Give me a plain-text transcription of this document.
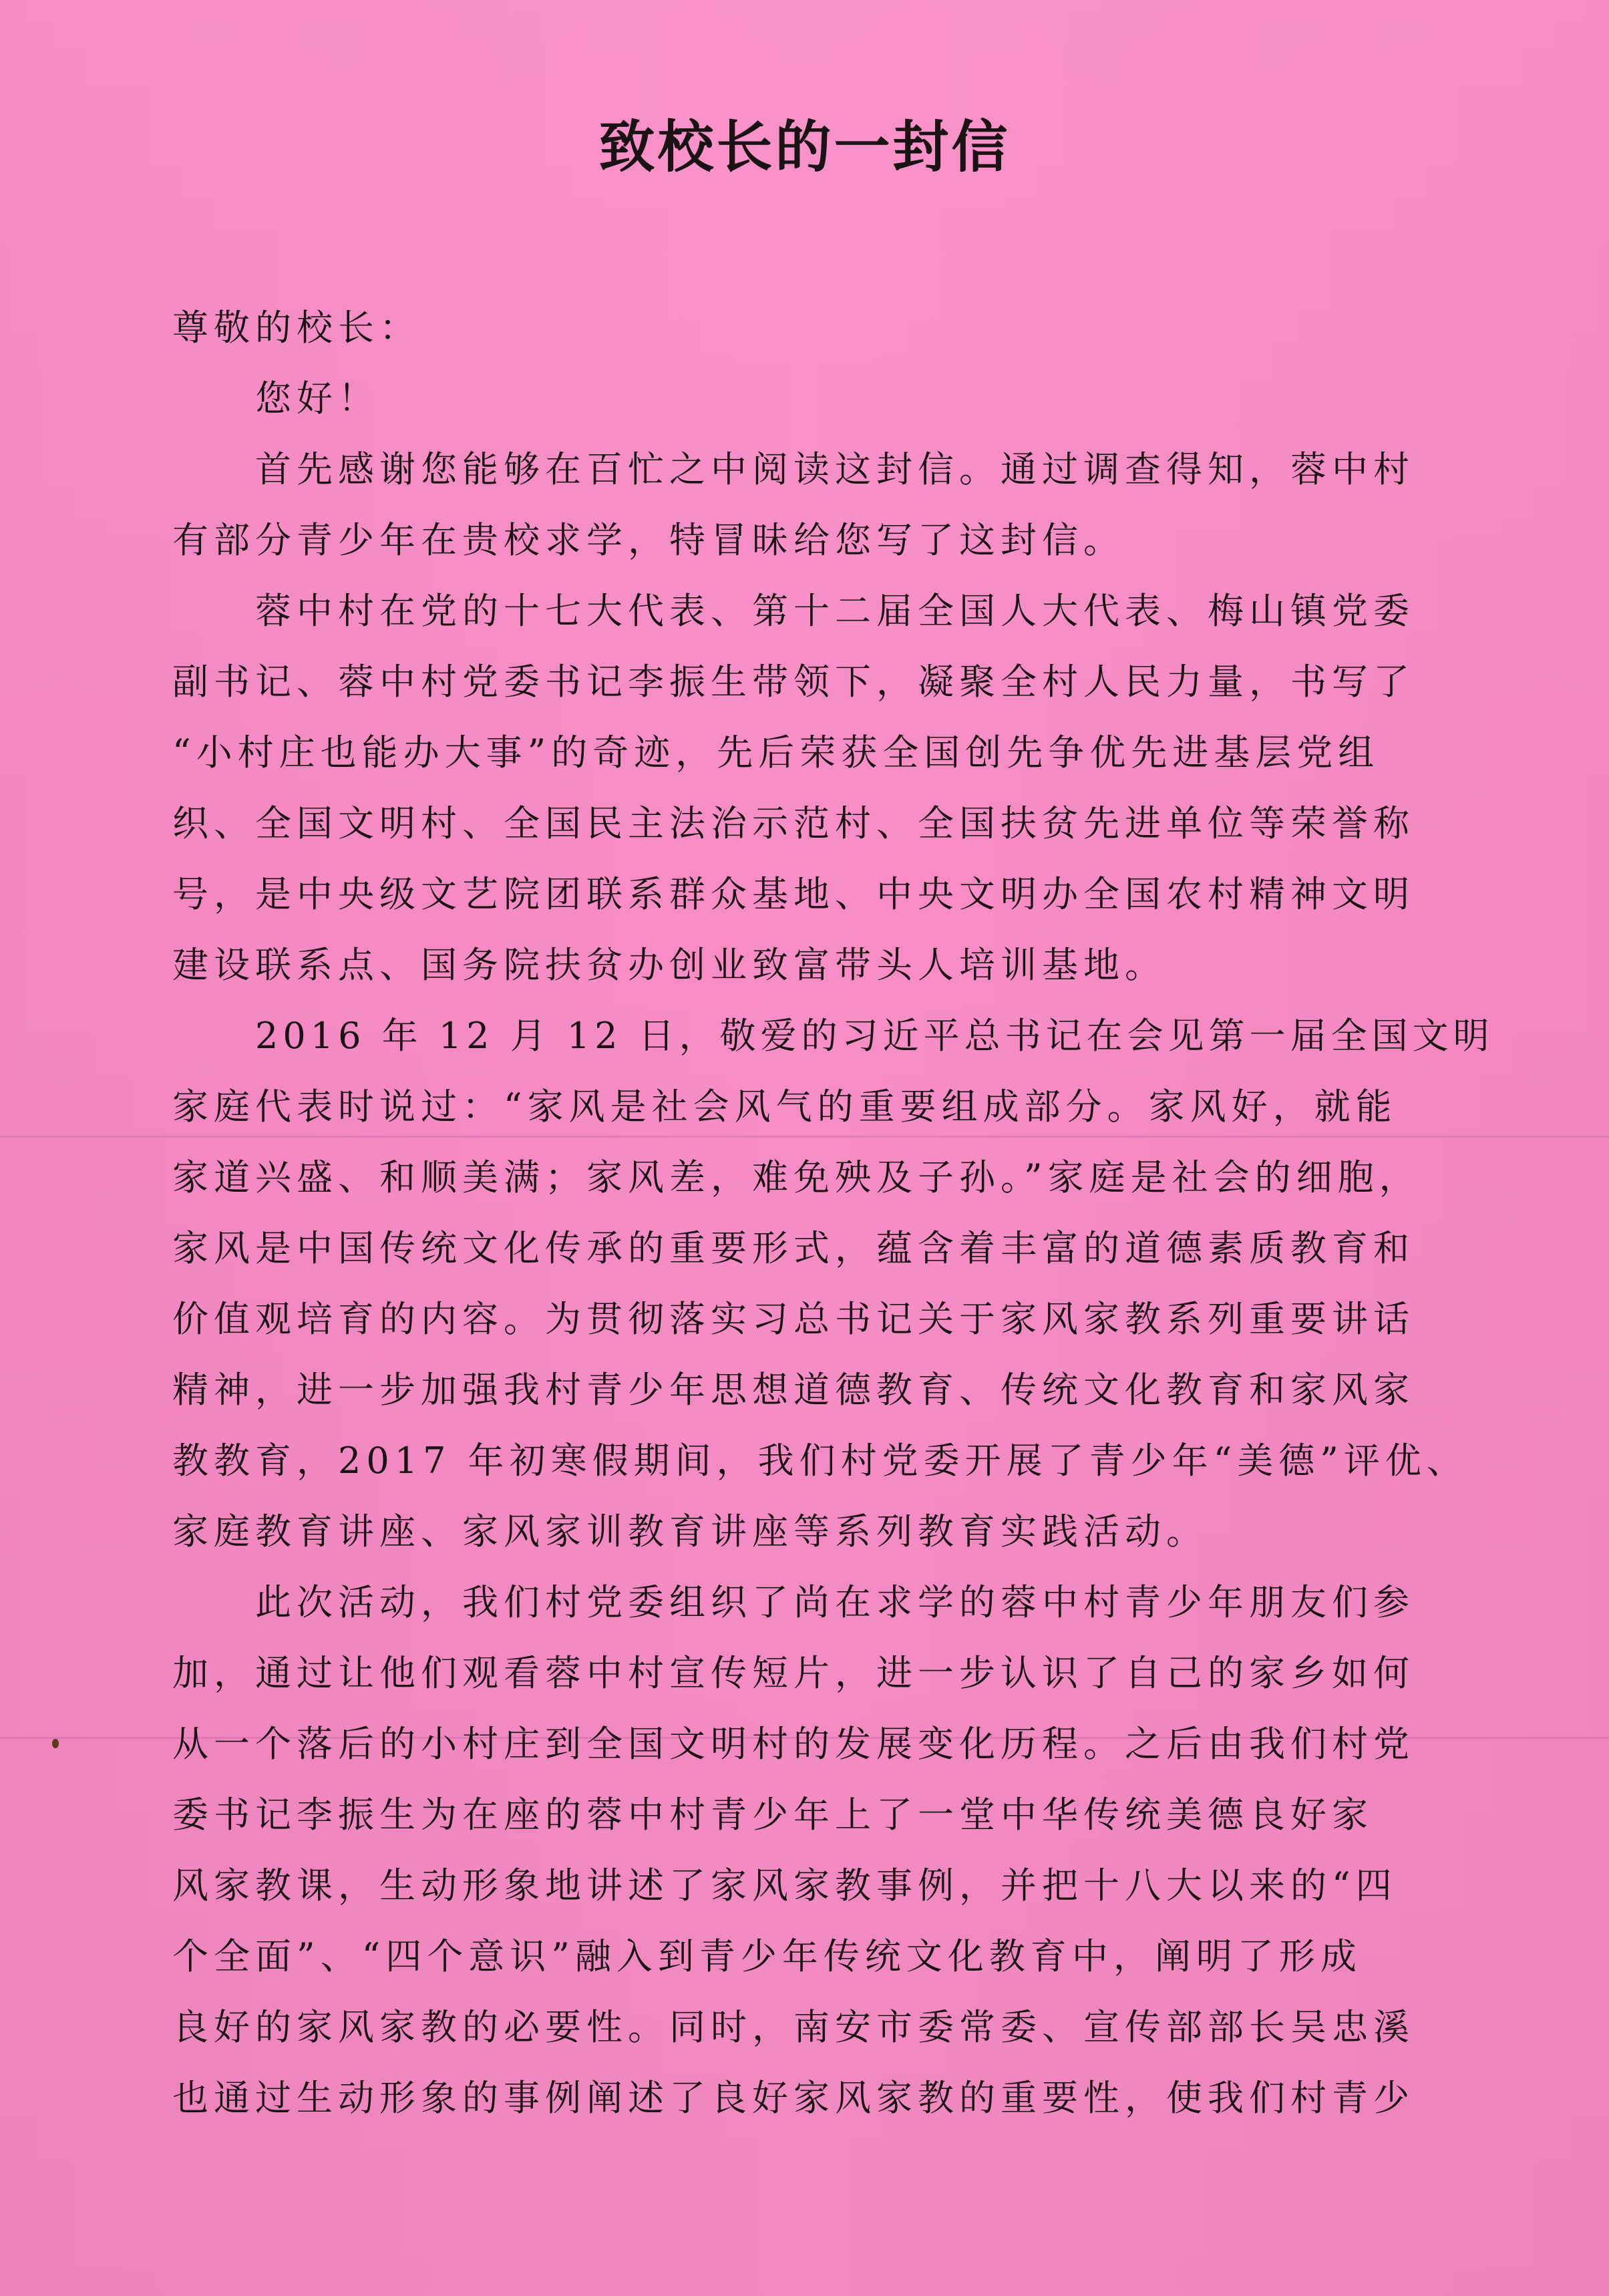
致校长的一封信
尊敬的校长：
您好！
首先感谢您能够在百忙之中阅读这封信。通过调查得知，蓉中村
有部分青少年在贵校求学，特冒昧给您写了这封信。
蓉中村在党的十七大代表、第十二届全国人大代表、梅山镇党委
副书记、蓉中村党委书记李振生带领下，凝聚全村人民力量，书写了
“小村庄也能办大事”的奇迹，先后荣获全国创先争优先进基层党组
织、全国文明村、全国民主法治示范村、全国扶贫先进单位等荣誉称
号，是中央级文艺院团联系群众基地、中央文明办全国农村精神文明
建设联系点、国务院扶贫办创业致富带头人培训基地。
2016 年 12 月 12 日，敬爱的习近平总书记在会见第一届全国文明
家庭代表时说过：“家风是社会风气的重要组成部分。家风好，就能
家道兴盛、和顺美满；家风差，难免殃及子孙。”家庭是社会的细胞，
家风是中国传统文化传承的重要形式，蕴含着丰富的道德素质教育和
价值观培育的内容。为贯彻落实习总书记关于家风家教系列重要讲话
精神，进一步加强我村青少年思想道德教育、传统文化教育和家风家
教教育，2017 年初寒假期间，我们村党委开展了青少年“美德”评优、
家庭教育讲座、家风家训教育讲座等系列教育实践活动。
此次活动，我们村党委组织了尚在求学的蓉中村青少年朋友们参
加，通过让他们观看蓉中村宣传短片，进一步认识了自己的家乡如何
从一个落后的小村庄到全国文明村的发展变化历程。之后由我们村党
委书记李振生为在座的蓉中村青少年上了一堂中华传统美德良好家
风家教课，生动形象地讲述了家风家教事例，并把十八大以来的“四
个全面”、“四个意识”融入到青少年传统文化教育中，阐明了形成
良好的家风家教的必要性。同时，南安市委常委、宣传部部长吴忠溪
也通过生动形象的事例阐述了良好家风家教的重要性，使我们村青少
